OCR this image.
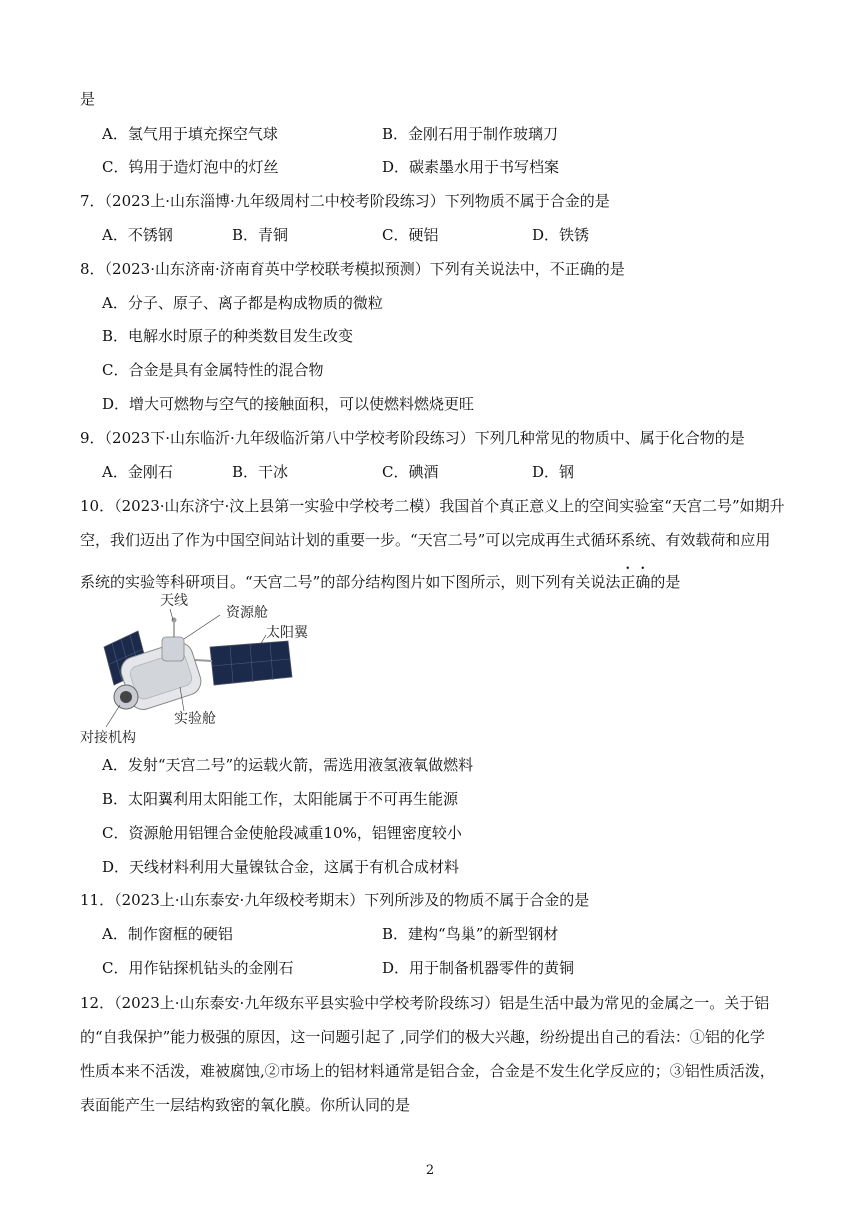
是
A．氢气用于填充探空气球	B．金刚石用于制作玻璃刀
C．钨用于造灯泡中的灯丝	D．碳素墨水用于书写档案
7．（2023上·山东淄博·九年级周村二中校考阶段练习）下列物质不属于合金的是
A．不锈钢	B．青铜	C．硬铝	D．铁锈
8．（2023·山东济南·济南育英中学校联考模拟预测）下列有关说法中，不正确的是
A．分子、原子、离子都是构成物质的微粒
B．电解水时原子的种类数目发生改变
C．合金是具有金属特性的混合物
D．增大可燃物与空气的接触面积，可以使燃料燃烧更旺
9．（2023下·山东临沂·九年级临沂第八中学校考阶段练习）下列几种常见的物质中、属于化合物的是
A．金刚石	B．干冰	C．碘酒	D．钢
10．（2023·山东济宁·汶上县第一实验中学校考二模）我国首个真正意义上的空间实验室“天宫二号”如期升
空，我们迈出了作为中国空间站计划的重要一步。“天宫二号”可以完成再生式循环系统、有效载荷和应用
系统的实验等科研项目。“天宫二号”的部分结构图片如下图所示，则下列有关说法正确的是
天线
资源舱
太阳翼
实验舱
对接机构
A．发射“天宫二号”的运载火箭，需选用液氢液氧做燃料
B．太阳翼利用太阳能工作，太阳能属于不可再生能源
C．资源舱用铝锂合金使舱段减重10%，铝锂密度较小
D．天线材料利用大量镍钛合金，这属于有机合成材料
11．（2023上·山东泰安·九年级校考期末）下列所涉及的物质不属于合金的是
A．制作窗框的硬铝	B．建构“鸟巢”的新型钢材
C．用作钻探机钻头的金刚石	D．用于制备机器零件的黄铜
12．（2023上·山东泰安·九年级东平县实验中学校考阶段练习）铝是生活中最为常见的金属之一。关于铝
的“自我保护”能力极强的原因，这一问题引起了 ,同学们的极大兴趣，纷纷提出自己的看法：①铝的化学
性质本来不活泼，难被腐蚀,②市场上的铝材料通常是铝合金，合金是不发生化学反应的；③铝性质活泼，
表面能产生一层结构致密的氧化膜。你所认同的是
2
